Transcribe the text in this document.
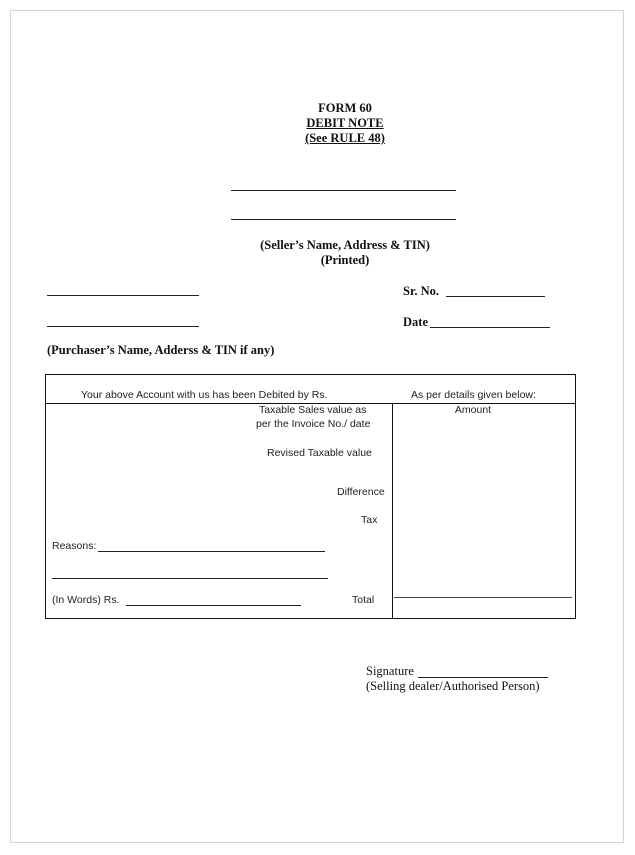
FORM 60
DEBIT NOTE
(See RULE 48)
(Seller’s Name, Address & TIN)
(Printed)
(Purchaser’s Name, Adderss & TIN if any)
Sr. No.
Date
Your above Account with us has been Debited by Rs.	As per details given below:
Amount
Taxable Sales value as
per the Invoice No./ date
Revised Taxable value
Difference
Tax
Reasons:
(In Words) Rs.	Total
Signature
(Selling dealer/Authorised Person)
